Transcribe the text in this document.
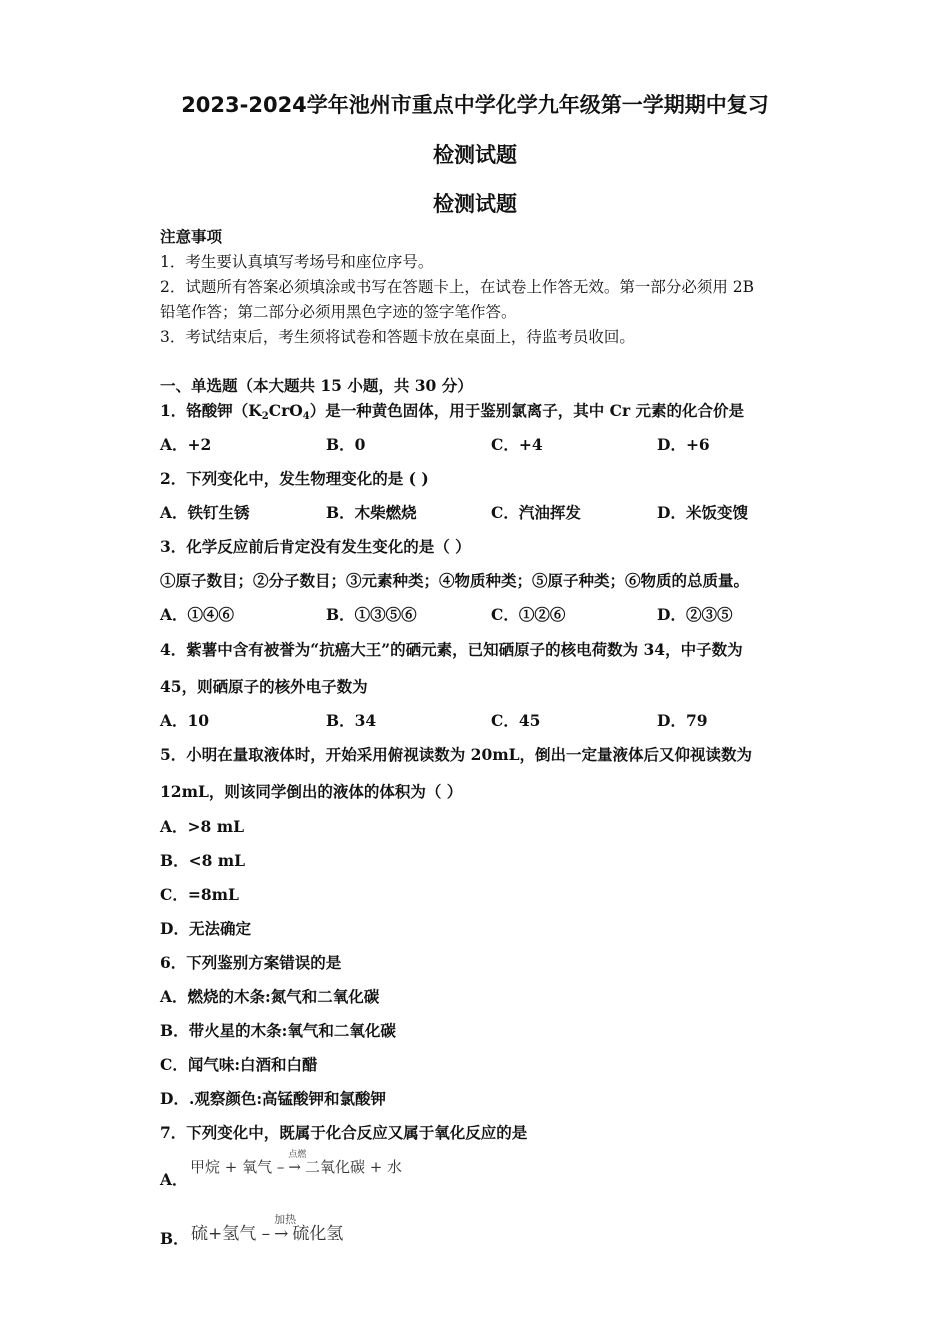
2023-2024学年池州市重点中学化学九年级第一学期期中复习
检测试题
检测试题
注意事项
1．考生要认真填写考场号和座位序号。
2．试题所有答案必须填涂或书写在答题卡上，在试卷上作答无效。第一部分必须用 2B
铅笔作答；第二部分必须用黑色字迹的签字笔作答。
3．考试结束后，考生须将试卷和答题卡放在桌面上，待监考员收回。
一、单选题（本大题共 15 小题，共 30 分）
1．铬酸钾$(K_2CrO_4)$是一种黄色固体，用于鉴别氯离子，其中 Cr 元素的化合价是
A．+2	B．0	C．+4	D．+6
2．下列变化中，发生物理变化的是 ( )
A．铁钉生锈	B．木柴燃烧	C．汽油挥发	D．米饭变馊
3．化学反应前后肯定没有发生变化的是（ ）
①原子数目；②分子数目；③元素种类；④物质种类；⑤原子种类；⑥物质的总质量。
A．①④⑥	B．①③⑤⑥	C．①②⑥	D．②③⑤
4．紫薯中含有被誉为“抗癌大王”的硒元素，已知硒原子的核电荷数为 34，中子数为
45，则硒原子的核外电子数为
A．10	B．34	C．45	D．79
5．小明在量取液体时，开始采用俯视读数为 20mL，倒出一定量液体后又仰视读数为
12mL，则该同学倒出的液体的体积为（ ）
A．>8 mL
B．<8 mL
C．=8mL
D．无法确定
6．下列鉴别方案错误的是
A．燃烧的木条:氮气和二氧化碳
B．带火星的木条:氧气和二氧化碳
C．闻气味:白酒和白醋
D．.观察颜色:高锰酸钾和氯酸钾
7．下列变化中，既属于化合反应又属于氧化反应的是
A．
甲烷 + 氧气 –
点燃
→ 二氧化碳 + 水
B． 硫+氢气 –
加热
→ 硫化氢
